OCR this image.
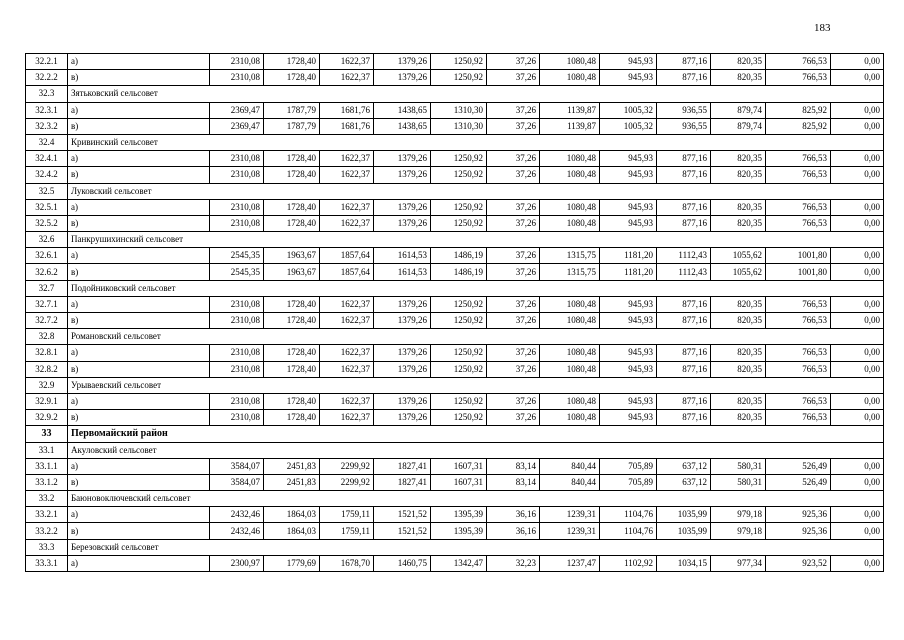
183
32.2.1	а)	2310,08	1728,40	1622,37	1379,26	1250,92	37,26	1080,48	945,93	877,16	820,35	766,53	0,00
32.2.2	в)	2310,08	1728,40	1622,37	1379,26	1250,92	37,26	1080,48	945,93	877,16	820,35	766,53	0,00
32.3	Зятьковский сельсовет												
32.3.1	а)	2369,47	1787,79	1681,76	1438,65	1310,30	37,26	1139,87	1005,32	936,55	879,74	825,92	0,00
32.3.2	в)	2369,47	1787,79	1681,76	1438,65	1310,30	37,26	1139,87	1005,32	936,55	879,74	825,92	0,00
32.4	Кривинский сельсовет												
32.4.1	а)	2310,08	1728,40	1622,37	1379,26	1250,92	37,26	1080,48	945,93	877,16	820,35	766,53	0,00
32.4.2	в)	2310,08	1728,40	1622,37	1379,26	1250,92	37,26	1080,48	945,93	877,16	820,35	766,53	0,00
32.5	Луковский сельсовет												
32.5.1	а)	2310,08	1728,40	1622,37	1379,26	1250,92	37,26	1080,48	945,93	877,16	820,35	766,53	0,00
32.5.2	в)	2310,08	1728,40	1622,37	1379,26	1250,92	37,26	1080,48	945,93	877,16	820,35	766,53	0,00
32.6	Панкрушихинский сельсовет												
32.6.1	а)	2545,35	1963,67	1857,64	1614,53	1486,19	37,26	1315,75	1181,20	1112,43	1055,62	1001,80	0,00
32.6.2	в)	2545,35	1963,67	1857,64	1614,53	1486,19	37,26	1315,75	1181,20	1112,43	1055,62	1001,80	0,00
32.7	Подойниковский сельсовет												
32.7.1	а)	2310,08	1728,40	1622,37	1379,26	1250,92	37,26	1080,48	945,93	877,16	820,35	766,53	0,00
32.7.2	в)	2310,08	1728,40	1622,37	1379,26	1250,92	37,26	1080,48	945,93	877,16	820,35	766,53	0,00
32.8	Романовский сельсовет												
32.8.1	а)	2310,08	1728,40	1622,37	1379,26	1250,92	37,26	1080,48	945,93	877,16	820,35	766,53	0,00
32.8.2	в)	2310,08	1728,40	1622,37	1379,26	1250,92	37,26	1080,48	945,93	877,16	820,35	766,53	0,00
32.9	Урываевский сельсовет												
32.9.1	а)	2310,08	1728,40	1622,37	1379,26	1250,92	37,26	1080,48	945,93	877,16	820,35	766,53	0,00
32.9.2	в)	2310,08	1728,40	1622,37	1379,26	1250,92	37,26	1080,48	945,93	877,16	820,35	766,53	0,00
33	Первомайский район												
33.1	Акуловский сельсовет												
33.1.1	а)	3584,07	2451,83	2299,92	1827,41	1607,31	83,14	840,44	705,89	637,12	580,31	526,49	0,00
33.1.2	в)	3584,07	2451,83	2299,92	1827,41	1607,31	83,14	840,44	705,89	637,12	580,31	526,49	0,00
33.2	Баюновоключевский сельсовет												
33.2.1	а)	2432,46	1864,03	1759,11	1521,52	1395,39	36,16	1239,31	1104,76	1035,99	979,18	925,36	0,00
33.2.2	в)	2432,46	1864,03	1759,11	1521,52	1395,39	36,16	1239,31	1104,76	1035,99	979,18	925,36	0,00
33.3	Березовский сельсовет												
33.3.1	а)	2300,97	1779,69	1678,70	1460,75	1342,47	32,23	1237,47	1102,92	1034,15	977,34	923,52	0,00
